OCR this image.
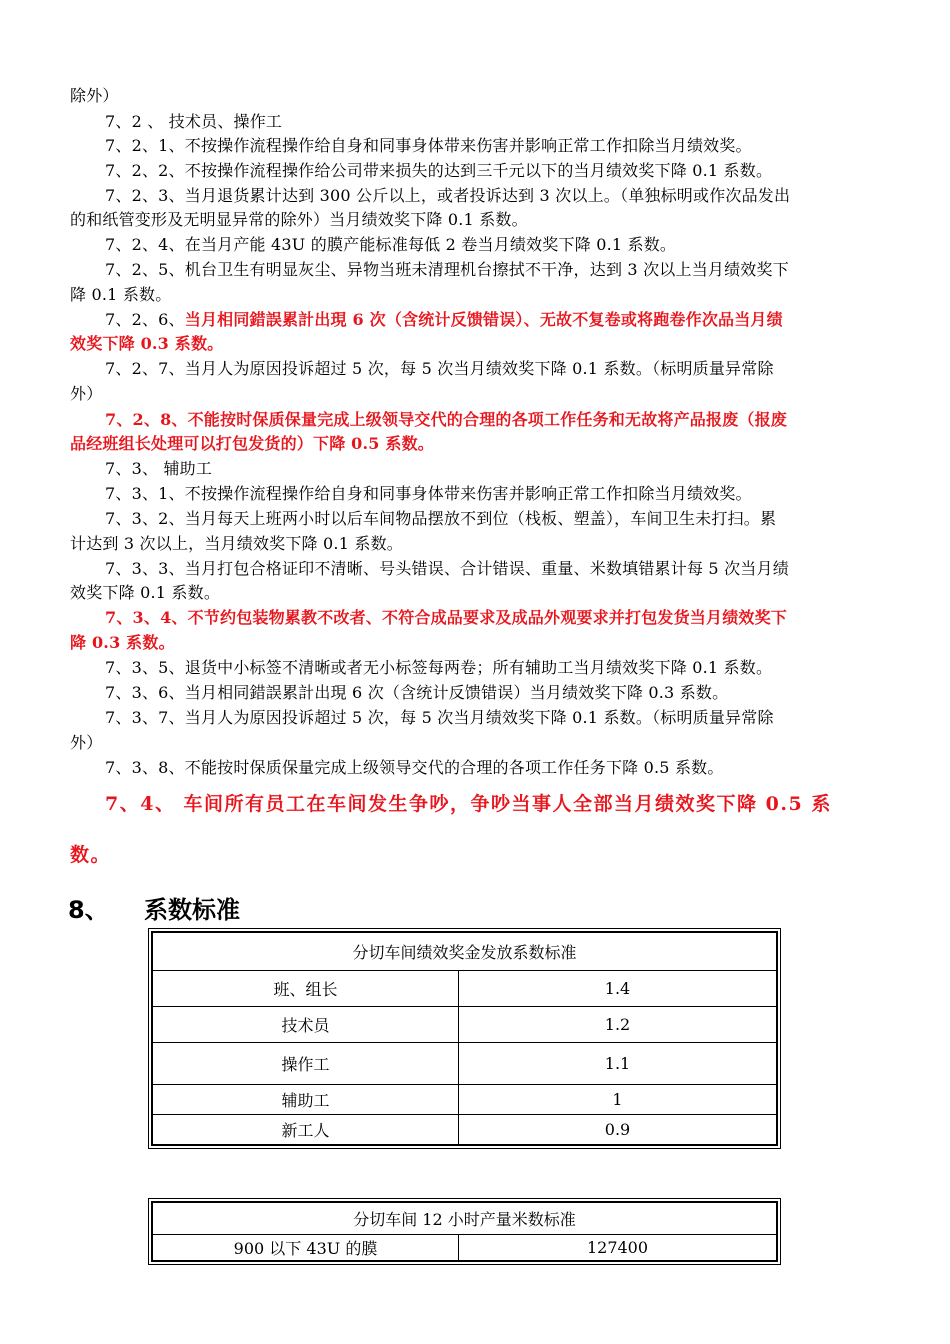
除外）
7、2 、 技术员、操作工
7、2、1、不按操作流程操作给自身和同事身体带来伤害并影响正常工作扣除当月绩效奖。
7、2、2、不按操作流程操作给公司带来损失的达到三千元以下的当月绩效奖下降 0.1 系数。
7、2、3、当月退货累计达到 300 公斤以上，或者投诉达到 3 次以上。（单独标明或作次品发出
的和纸管变形及无明显异常的除外）当月绩效奖下降 0.1 系数。
7、2、4、在当月产能 43U 的膜产能标准每低 2 卷当月绩效奖下降 0.1 系数。
7、2、5、机台卫生有明显灰尘、异物当班未清理机台擦拭不干净，达到 3 次以上当月绩效奖下
降 0.1 系数。
7、2、6、当月相同錯誤累計出現 6 次（含统计反馈错误）、无故不复卷或将跑卷作次品当月绩
效奖下降 0.3 系数。
7、2、7、当月人为原因投诉超过 5 次，每 5 次当月绩效奖下降 0.1 系数。（标明质量异常除
外）
7、2、8、不能按时保质保量完成上级领导交代的合理的各项工作任务和无故将产品报废（报废
品经班组长处理可以打包发货的）下降 0.5 系数。
7、3、 辅助工
7、3、1、不按操作流程操作给自身和同事身体带来伤害并影响正常工作扣除当月绩效奖。
7、3、2、当月每天上班两小时以后车间物品摆放不到位（栈板、塑盖），车间卫生未打扫。累
计达到 3 次以上，当月绩效奖下降 0.1 系数。
7、3、3、当月打包合格证印不清晰、号头错误、合计错误、重量、米数填错累计每 5 次当月绩
效奖下降 0.1 系数。
7、3、4、不节约包装物累教不改者、不符合成品要求及成品外观要求并打包发货当月绩效奖下
降 0.3 系数。
7、3、5、退货中小标签不清晰或者无小标签每两卷；所有辅助工当月绩效奖下降 0.1 系数。
7、3、6、当月相同錯誤累計出現 6 次（含统计反馈错误）当月绩效奖下降 0.3 系数。
7、3、7、当月人为原因投诉超过 5 次，每 5 次当月绩效奖下降 0.1 系数。（标明质量异常除
外）
7、3、8、不能按时保质保量完成上级领导交代的合理的各项工作任务下降 0.5 系数。
7、4、 车间所有员工在车间发生争吵，争吵当事人全部当月绩效奖下降 0.5 系
数。
8、 系数标准
分切车间绩效奖金发放系数标准	
班、组长	1.4
技术员	1.2
操作工	1.1
辅助工	1
新工人	0.9
分切车间 12 小时产量米数标准
900 以下 43U 的膜	127400
